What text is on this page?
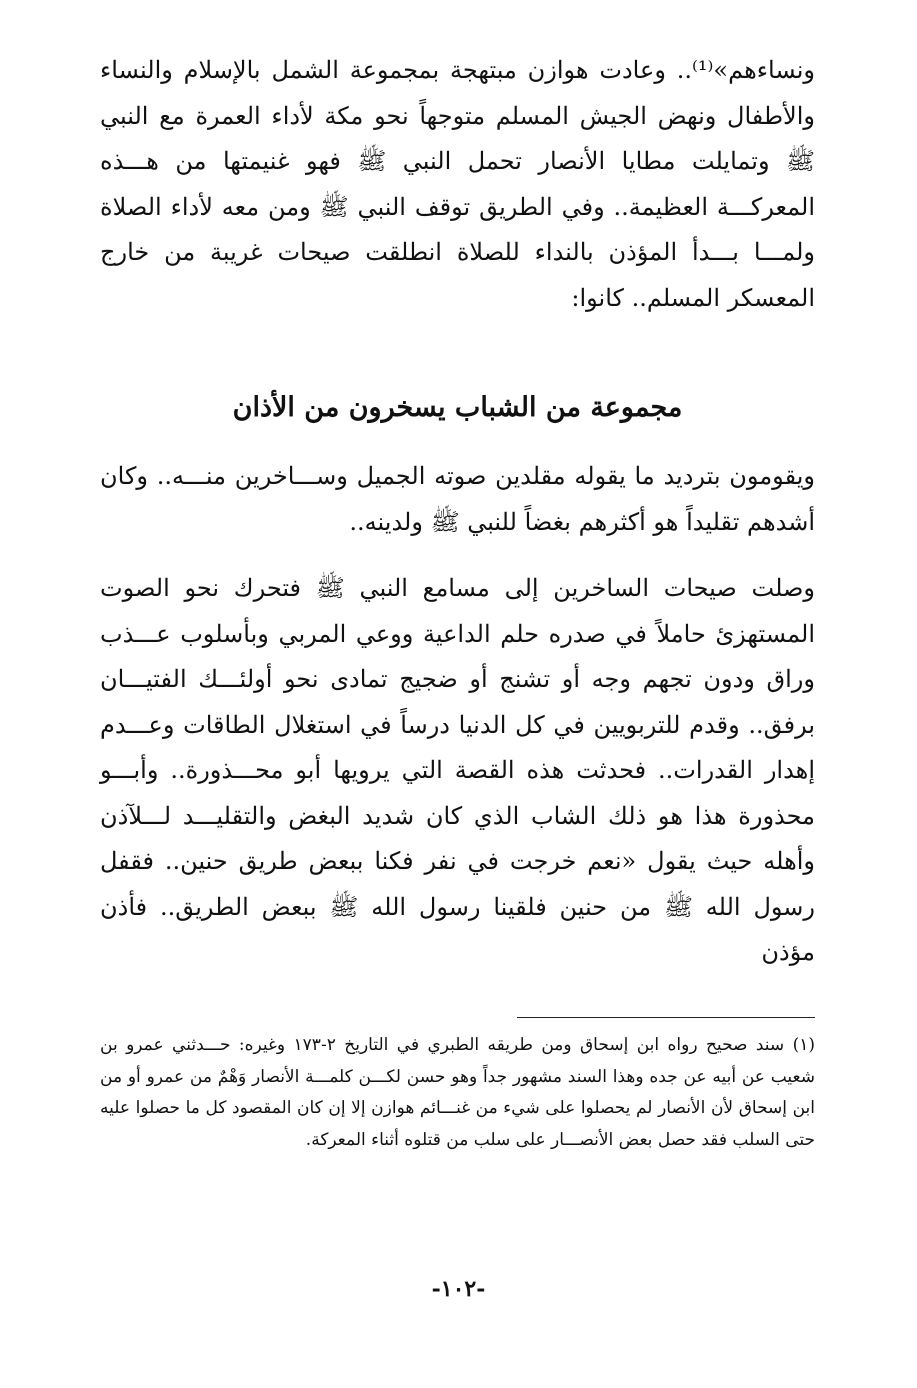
ونساءهم»⁽¹⁾.. وعادت هوازن مبتهجة بمجموعة الشمل بالإسلام والنساء والأطفال ونهض الجيش المسلم متوجهاً نحو مكة لأداء العمرة مع النبي ﷺ وتمايلت مطايا الأنصار تحمل النبي ﷺ فهو غنيمتها من هـــذه المعركـــة العظيمة.. وفي الطريق توقف النبي ﷺ ومن معه لأداء الصلاة ولمـــا بـــدأ المؤذن بالنداء للصلاة انطلقت صيحات غريبة من خارج المعسكر المسلم.. كانوا:

مجموعة من الشباب يسخرون من الأذان

ويقومون بترديد ما يقوله مقلدين صوته الجميل وســـاخرين منـــه.. وكان أشدهم تقليداً هو أكثرهم بغضاً للنبي ﷺ ولدينه..

وصلت صيحات الساخرين إلى مسامع النبي ﷺ فتحرك نحو الصوت المستهزئ حاملاً في صدره حلم الداعية ووعي المربي وبأسلوب عـــذب وراق ودون تجهم وجه أو تشنج أو ضجيج تمادى نحو أولئـــك الفتيـــان برفق.. وقدم للتربويين في كل الدنيا درساً في استغلال الطاقات وعـــدم إهدار القدرات.. فحدثت هذه القصة التي يرويها أبو محـــذورة.. وأبـــو محذورة هذا هو ذلك الشاب الذي كان شديد البغض والتقليـــد لـــلآذن وأهله حيث يقول «نعم خرجت في نفر فكنا ببعض طريق حنين.. فقفل رسول الله ﷺ من حنين فلقينا رسول الله ﷺ ببعض الطريق.. فأذن مؤذن

(١) سند صحيح رواه ابن إسحاق ومن طريقه الطبري في التاريخ ٢-١٧٣ وغيره: حـــدثني عمرو بن شعيب عن أبيه عن جده وهذا السند مشهور جداً وهو حسن لكـــن كلمـــة الأنصار وَهْمٌ من عمرو أو من ابن إسحاق لأن الأنصار لم يحصلوا على شيء من غنـــائم هوازن إلا إن كان المقصود كل ما حصلوا عليه حتى السلب فقد حصل بعض الأنصـــار على سلب من قتلوه أثناء المعركة.

-١٠٢-
